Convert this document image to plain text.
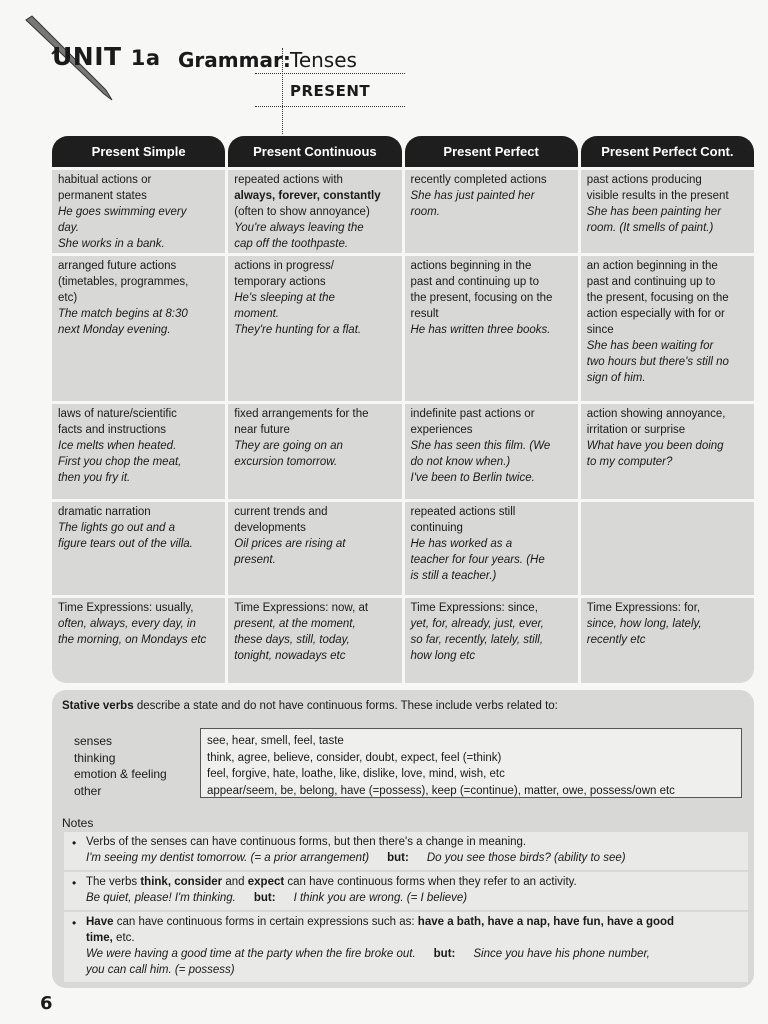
UNIT 1a Grammar: Tenses
PRESENT
Present Simple
habitual actions or
permanent states
He goes swimming every
day.
She works in a bank.
arranged future actions
(timetables, programmes,
etc)
The match begins at 8:30
next Monday evening.
laws of nature/scientific
facts and instructions
Ice melts when heated.
First you chop the meat,
then you fry it.
dramatic narration
The lights go out and a
figure tears out of the villa.
Time Expressions: usually,
often, always, every day, in
the morning, on Mondays etc
Present Continuous
repeated actions with
always, forever, constantly
(often to show annoyance)
You're always leaving the
cap off the toothpaste.
actions in progress/
temporary actions
He's sleeping at the
moment.
They're hunting for a flat.
fixed arrangements for the
near future
They are going on an
excursion tomorrow.
current trends and
developments
Oil prices are rising at
present.
Time Expressions: now, at
present, at the moment,
these days, still, today,
tonight, nowadays etc
Present Perfect
recently completed actions
She has just painted her
room.
actions beginning in the
past and continuing up to
the present, focusing on the
result
He has written three books.
indefinite past actions or
experiences
She has seen this film. (We
do not know when.)
I've been to Berlin twice.
repeated actions still
continuing
He has worked as a
teacher for four years. (He
is still a teacher.)
Time Expressions: since,
yet, for, already, just, ever,
so far, recently, lately, still,
how long etc
Present Perfect Cont.
past actions producing
visible results in the present
She has been painting her
room. (It smells of paint.)
an action beginning in the
past and continuing up to
the present, focusing on the
action especially with for or
since
She has been waiting for
two hours but there's still no
sign of him.
action showing annoyance,
irritation or surprise
What have you been doing
to my computer?
Time Expressions: for,
since, how long, lately,
recently etc
Stative verbs describe a state and do not have continuous forms. These include verbs related to:
senses
thinking
emotion & feeling
other
see, hear, smell, feel, taste
think, agree, believe, consider, doubt, expect, feel (=think)
feel, forgive, hate, loathe, like, dislike, love, mind, wish, etc
appear/seem, be, belong, have (=possess), keep (=continue), matter, owe, possess/own etc
Notes
• Verbs of the senses can have continuous forms, but then there's a change in meaning.
I'm seeing my dentist tomorrow. (= a prior arrangement) but: Do you see those birds? (ability to see)
• The verbs think, consider and expect can have continuous forms when they refer to an activity.
Be quiet, please! I'm thinking. but: I think you are wrong. (= I believe)
• Have can have continuous forms in certain expressions such as: have a bath, have a nap, have fun, have a good
time, etc.
We were having a good time at the party when the fire broke out. but: Since you have his phone number,
you can call him. (= possess)
6
